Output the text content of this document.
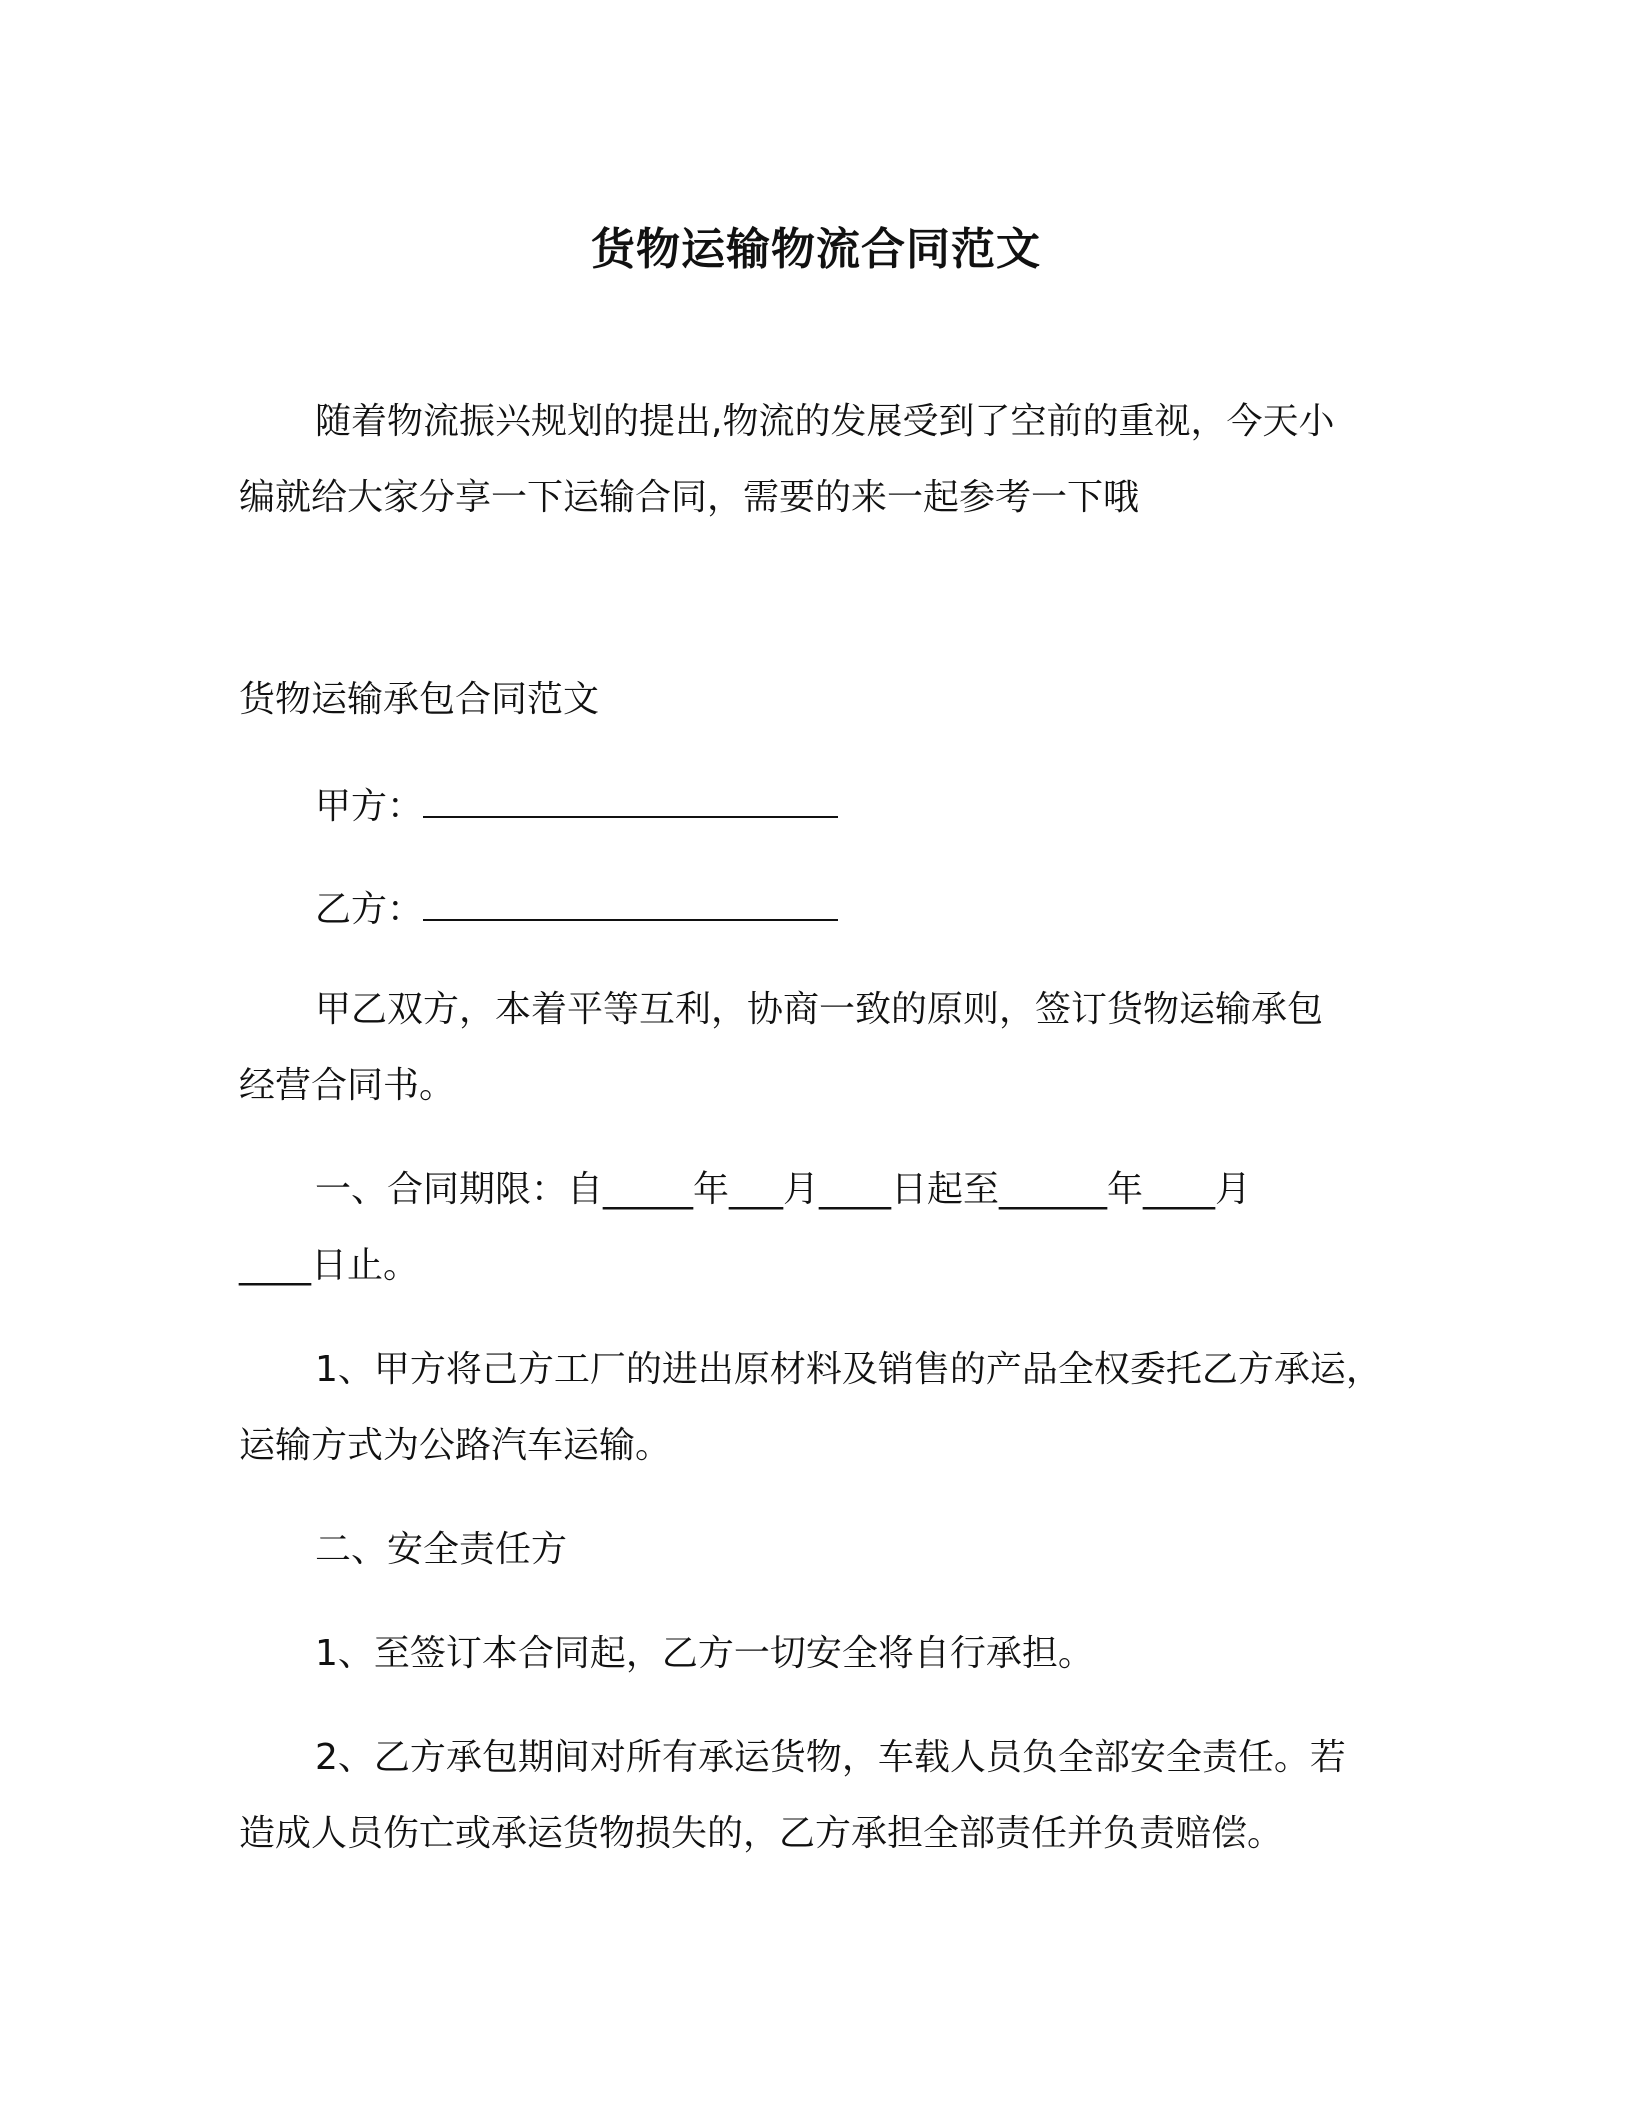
货物运输物流合同范文
随着物流振兴规划的提出,物流的发展受到了空前的重视，今天小
编就给大家分享一下运输合同，需要的来一起参考一下哦
货物运输承包合同范文
甲方：
乙方：
甲乙双方，本着平等互利，协商一致的原则，签订货物运输承包
经营合同书。
一、合同期限：自_____年___月____日起至______年____月
____日止。
1、甲方将己方工厂的进出原材料及销售的产品全权委托乙方承运，
运输方式为公路汽车运输。
二、安全责任方
1、至签订本合同起，乙方一切安全将自行承担。
2、乙方承包期间对所有承运货物，车载人员负全部安全责任。若
造成人员伤亡或承运货物损失的，乙方承担全部责任并负责赔偿。
